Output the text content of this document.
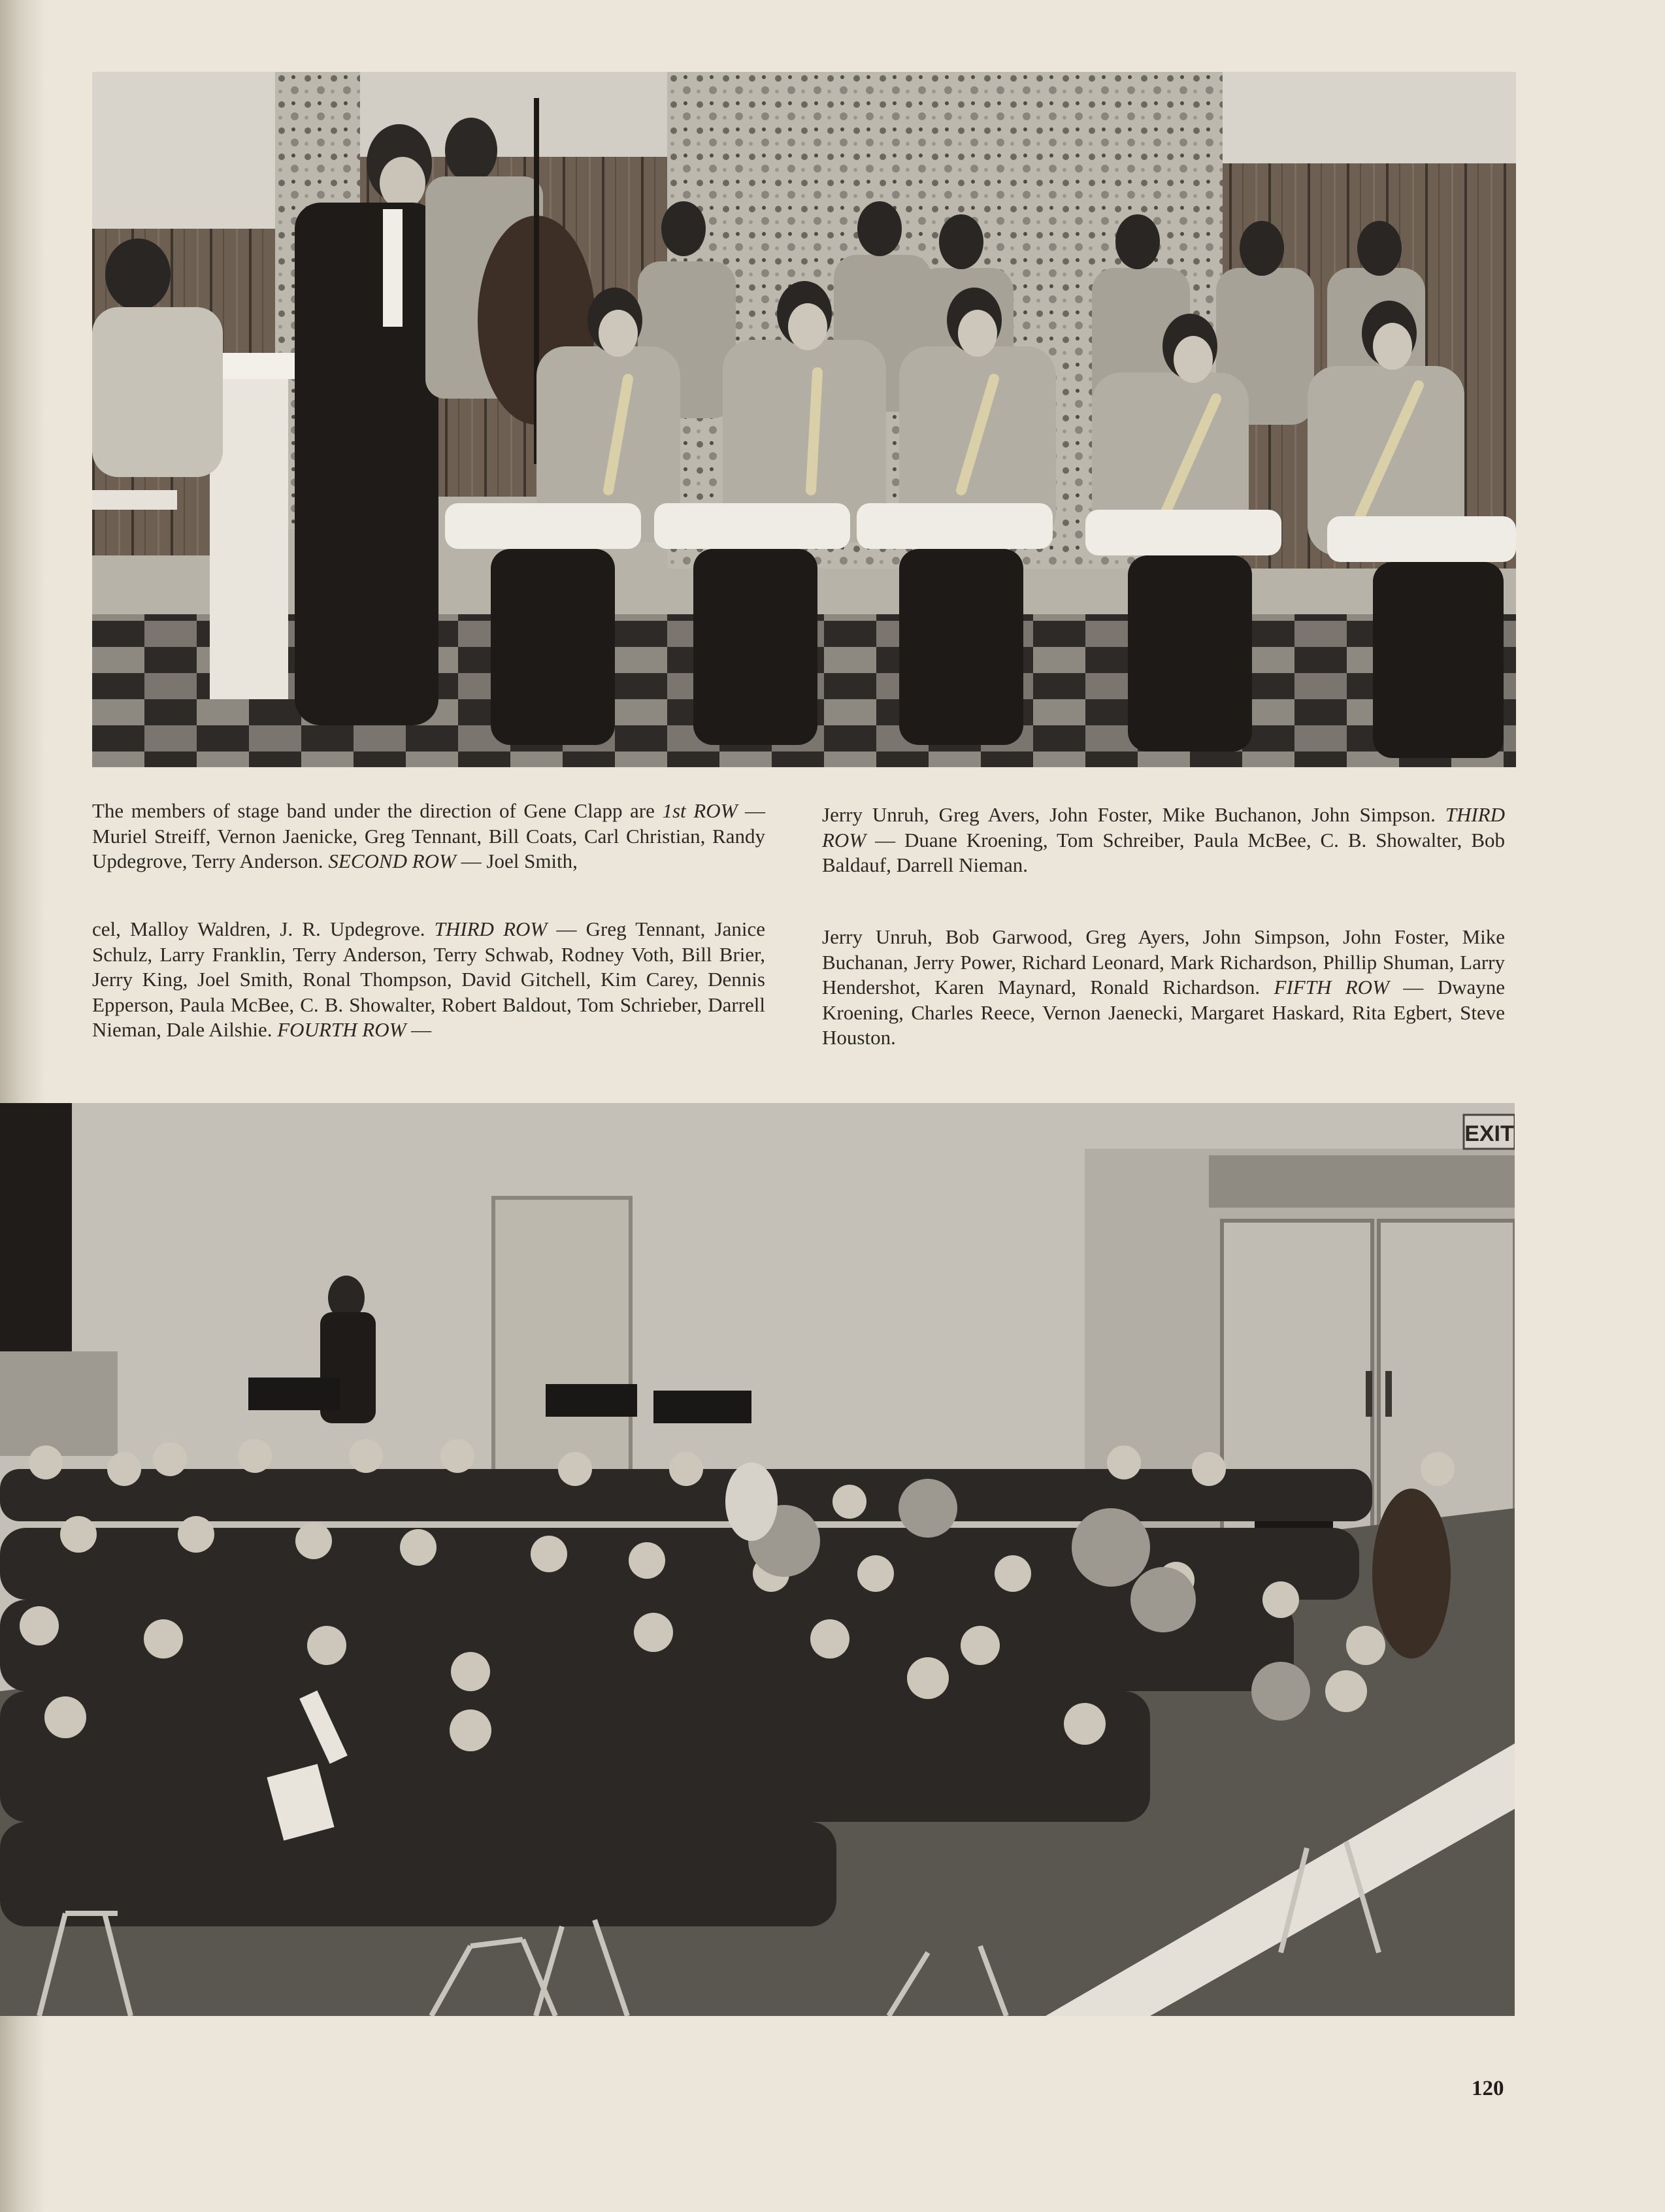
The members of stage band under the direction of Gene Clapp are 1st ROW — Muriel Streiff, Vernon Jaenicke, Greg Tennant, Bill Coats, Carl Christian, Randy Updegrove, Terry Anderson. SECOND ROW — Joel Smith,

Jerry Unruh, Greg Avers, John Foster, Mike Buchanon, John Simpson. THIRD ROW — Duane Kroening, Tom Schreiber, Paula McBee, C. B. Showalter, Bob Baldauf, Darrell Nieman.

cel, Malloy Waldren, J. R. Updegrove. THIRD ROW — Greg Tennant, Janice Schulz, Larry Franklin, Terry Anderson, Terry Schwab, Rodney Voth, Bill Brier, Jerry King, Joel Smith, Ronal Thompson, David Gitchell, Kim Carey, Dennis Epperson, Paula McBee, C. B. Showalter, Robert Baldout, Tom Schrieber, Darrell Nieman, Dale Ailshie. FOURTH ROW —

Jerry Unruh, Bob Garwood, Greg Ayers, John Simpson, John Foster, Mike Buchanan, Jerry Power, Richard Leonard, Mark Richardson, Phillip Shuman, Larry Hendershot, Karen Maynard, Ronald Richardson. FIFTH ROW — Dwayne Kroening, Charles Reece, Vernon Jaenecki, Margaret Haskard, Rita Egbert, Steve Houston.

EXIT
120
